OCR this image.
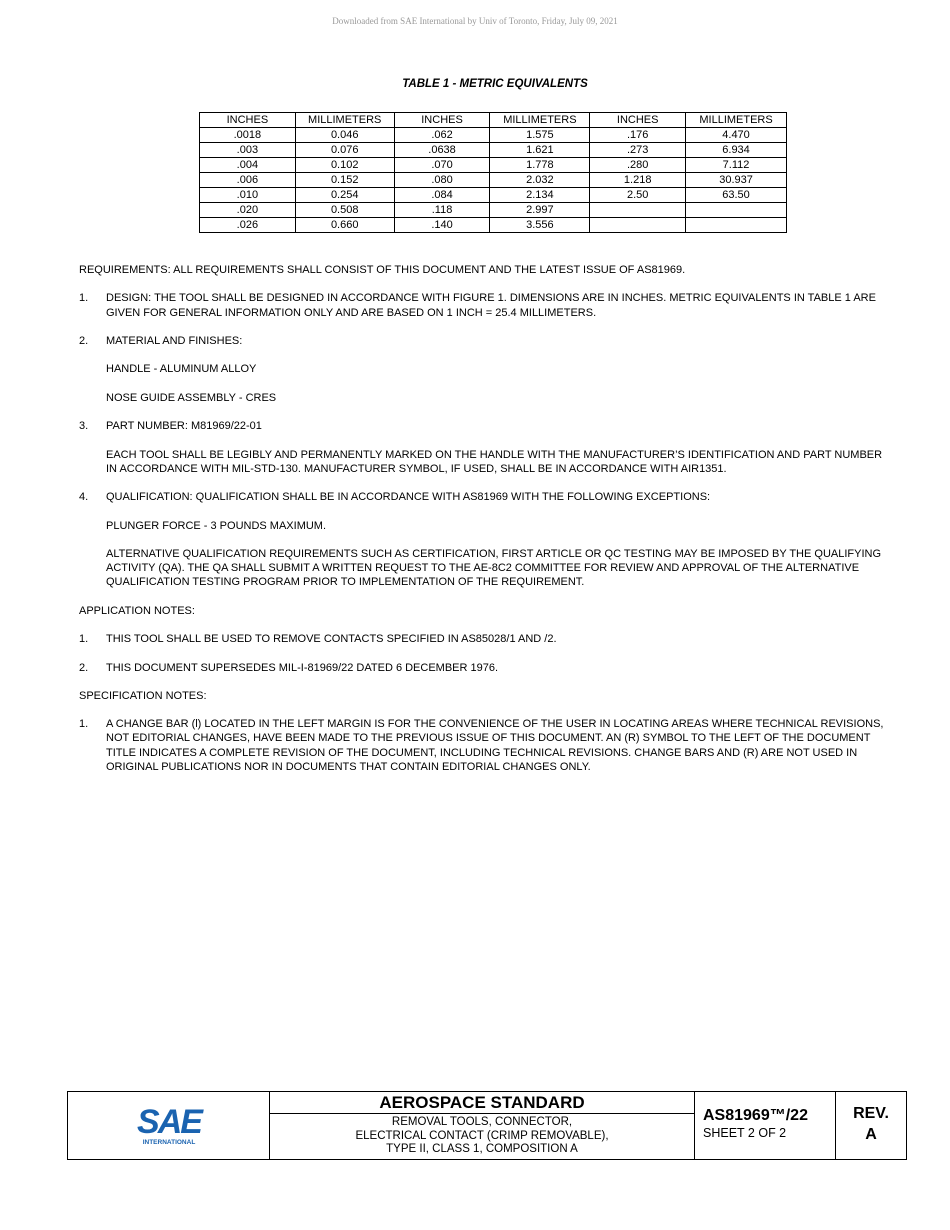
Downloaded from SAE International by Univ of Toronto, Friday, July 09, 2021
TABLE 1 - METRIC EQUIVALENTS
INCHES	MILLIMETERS	INCHES	MILLIMETERS	INCHES	MILLIMETERS
.0018	0.046	.062	1.575	.176	4.470
.003	0.076	.0638	1.621	.273	6.934
.004	0.102	.070	1.778	.280	7.112
.006	0.152	.080	2.032	1.218	30.937
.010	0.254	.084	2.134	2.50	63.50
.020	0.508	.118	2.997		
.026	0.660	.140	3.556		

REQUIREMENTS: ALL REQUIREMENTS SHALL CONSIST OF THIS DOCUMENT AND THE LATEST ISSUE OF AS81969.

1. DESIGN: THE TOOL SHALL BE DESIGNED IN ACCORDANCE WITH FIGURE 1. DIMENSIONS ARE IN INCHES. METRIC EQUIVALENTS IN TABLE 1 ARE GIVEN FOR GENERAL INFORMATION ONLY AND ARE BASED ON 1 INCH = 25.4 MILLIMETERS.

2. MATERIAL AND FINISHES:

HANDLE - ALUMINUM ALLOY

NOSE GUIDE ASSEMBLY - CRES

3. PART NUMBER: M81969/22-01

EACH TOOL SHALL BE LEGIBLY AND PERMANENTLY MARKED ON THE HANDLE WITH THE MANUFACTURER’S IDENTIFICATION AND PART NUMBER IN ACCORDANCE WITH MIL-STD-130. MANUFACTURER SYMBOL, IF USED, SHALL BE IN ACCORDANCE WITH AIR1351.

4. QUALIFICATION: QUALIFICATION SHALL BE IN ACCORDANCE WITH AS81969 WITH THE FOLLOWING EXCEPTIONS:

PLUNGER FORCE - 3 POUNDS MAXIMUM.

ALTERNATIVE QUALIFICATION REQUIREMENTS SUCH AS CERTIFICATION, FIRST ARTICLE OR QC TESTING MAY BE IMPOSED BY THE QUALIFYING ACTIVITY (QA). THE QA SHALL SUBMIT A WRITTEN REQUEST TO THE AE-8C2 COMMITTEE FOR REVIEW AND APPROVAL OF THE ALTERNATIVE QUALIFICATION TESTING PROGRAM PRIOR TO IMPLEMENTATION OF THE REQUIREMENT.

APPLICATION NOTES:

1. THIS TOOL SHALL BE USED TO REMOVE CONTACTS SPECIFIED IN AS85028/1 AND /2.

2. THIS DOCUMENT SUPERSEDES MIL-I-81969/22 DATED 6 DECEMBER 1976.

SPECIFICATION NOTES:

1. A CHANGE BAR (l) LOCATED IN THE LEFT MARGIN IS FOR THE CONVENIENCE OF THE USER IN LOCATING AREAS WHERE TECHNICAL REVISIONS, NOT EDITORIAL CHANGES, HAVE BEEN MADE TO THE PREVIOUS ISSUE OF THIS DOCUMENT. AN (R) SYMBOL TO THE LEFT OF THE DOCUMENT TITLE INDICATES A COMPLETE REVISION OF THE DOCUMENT, INCLUDING TECHNICAL REVISIONS. CHANGE BARS AND (R) ARE NOT USED IN ORIGINAL PUBLICATIONS NOR IN DOCUMENTS THAT CONTAIN EDITORIAL CHANGES ONLY.

SAE
INTERNATIONAL
AEROSPACE STANDARD
REMOVAL TOOLS, CONNECTOR,
ELECTRICAL CONTACT (CRIMP REMOVABLE),
TYPE II, CLASS 1, COMPOSITION A
AS81969™/22
SHEET 2 OF 2
REV.
A
